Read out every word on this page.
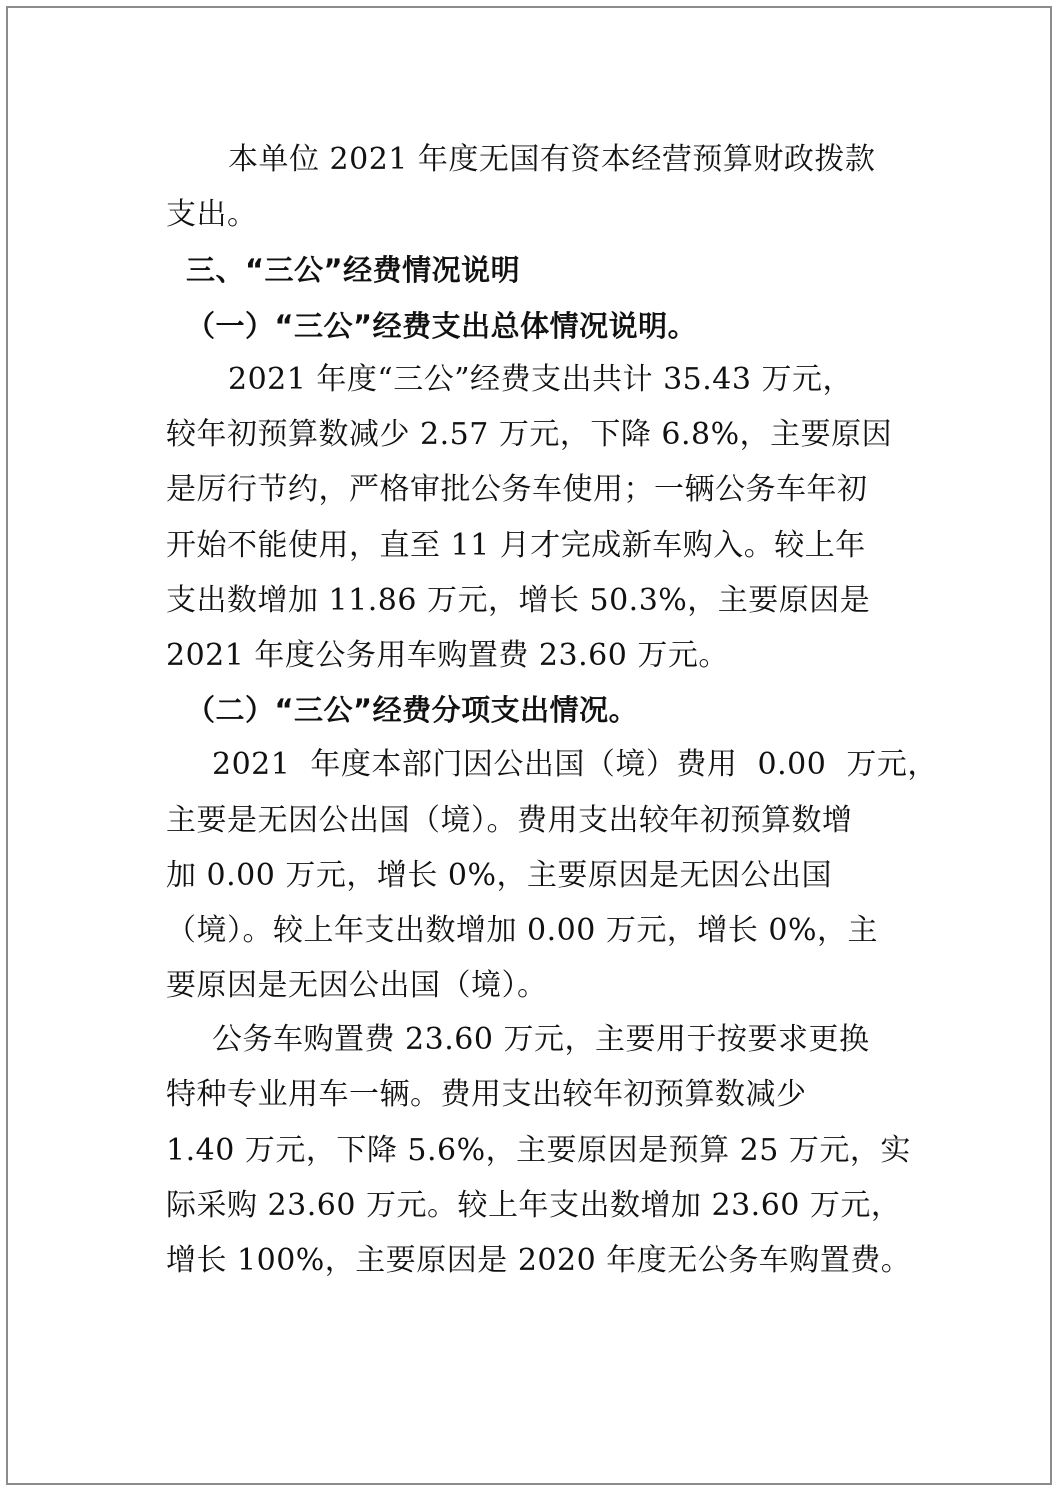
本单位 2021 年度无国有资本经营预算财政拨款
支出。
三、“三公”经费情况说明
（一）“三公”经费支出总体情况说明。
2021 年度“三公”经费支出共计 35.43 万元，
较年初预算数减少 2.57 万元，下降 6.8%，主要原因
是厉行节约，严格审批公务车使用；一辆公务车年初
开始不能使用，直至 11 月才完成新车购入。较上年
支出数增加 11.86 万元，增长 50.3%，主要原因是
2021 年度公务用车购置费 23.60 万元。
（二）“三公”经费分项支出情况。
2021  年度本部门因公出国（境）费用  0.00  万元，
主要是无因公出国（境）。费用支出较年初预算数增
加 0.00 万元，增长 0%，主要原因是无因公出国
（境）。较上年支出数增加 0.00 万元，增长 0%，主
要原因是无因公出国（境）。
公务车购置费 23.60 万元，主要用于按要求更换
特种专业用车一辆。费用支出较年初预算数减少
1.40 万元，下降 5.6%，主要原因是预算 25 万元，实
际采购 23.60 万元。较上年支出数增加 23.60 万元，
增长 100%，主要原因是 2020 年度无公务车购置费。
